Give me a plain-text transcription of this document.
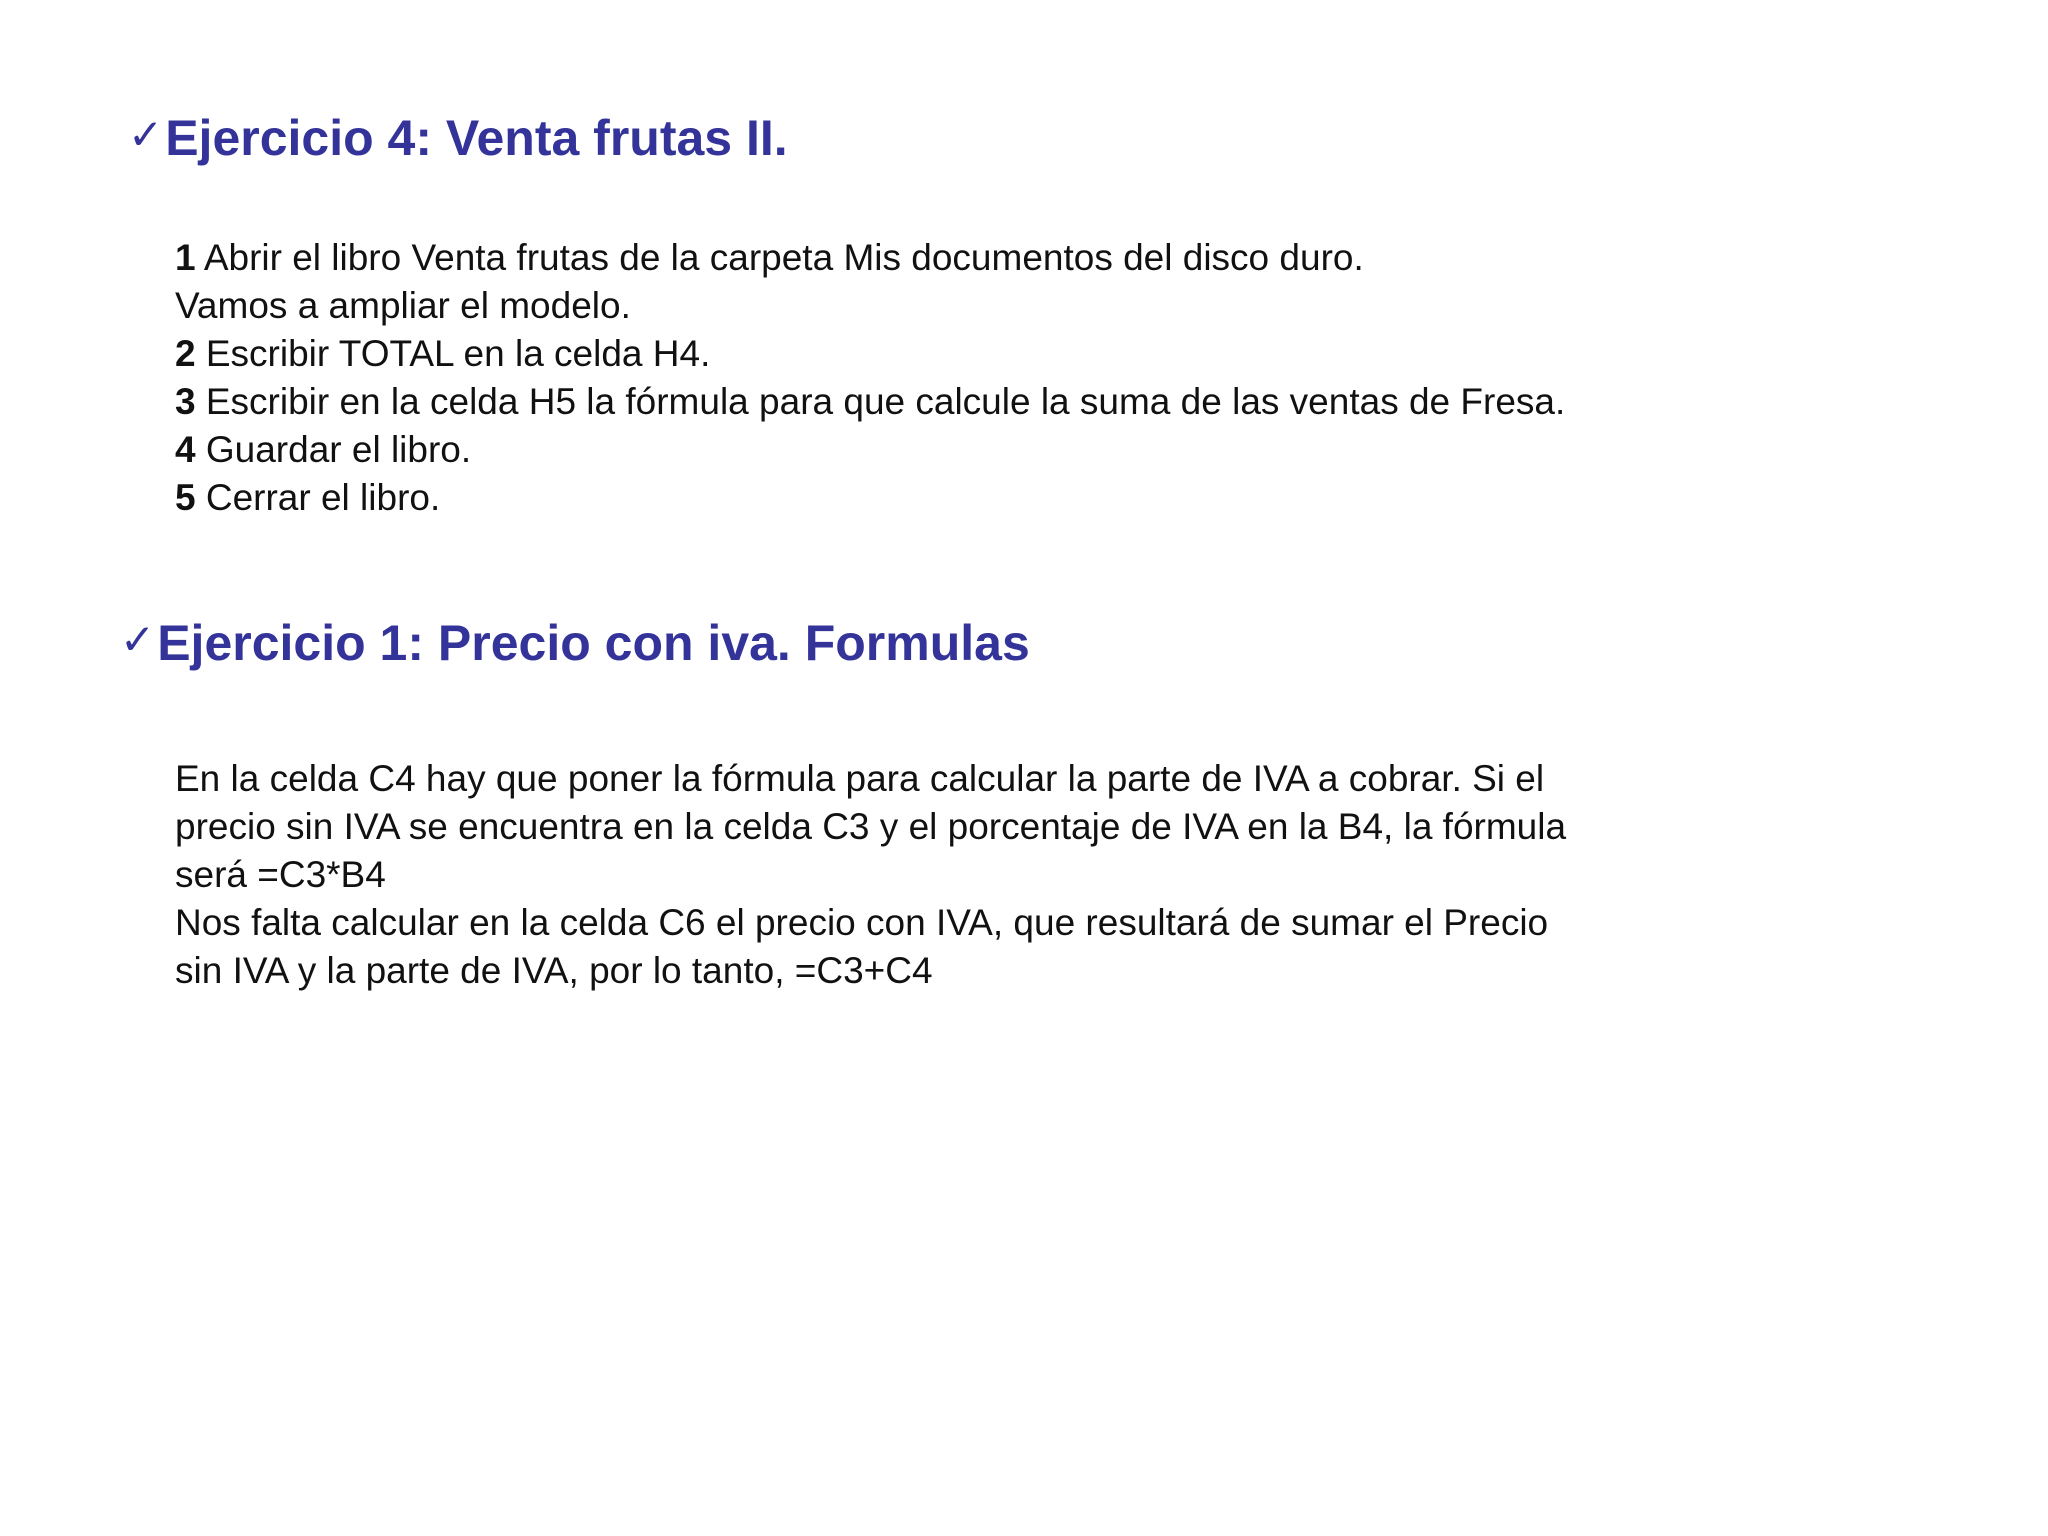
✓Ejercicio 4: Venta frutas II.
1 Abrir el libro Venta frutas de la carpeta Mis documentos del disco duro.
Vamos a ampliar el modelo.
2 Escribir TOTAL en la celda H4.
3 Escribir en la celda H5 la fórmula para que calcule la suma de las ventas de Fresa.
4 Guardar el libro.
5 Cerrar el libro.
✓Ejercicio 1: Precio con iva. Formulas
En la celda C4 hay que poner la fórmula para calcular la parte de IVA a cobrar. Si el
precio sin IVA se encuentra en la celda C3 y el porcentaje de IVA en la B4, la fórmula
será =C3*B4
Nos falta calcular en la celda C6 el precio con IVA, que resultará de sumar el Precio
sin IVA y la parte de IVA, por lo tanto, =C3+C4
